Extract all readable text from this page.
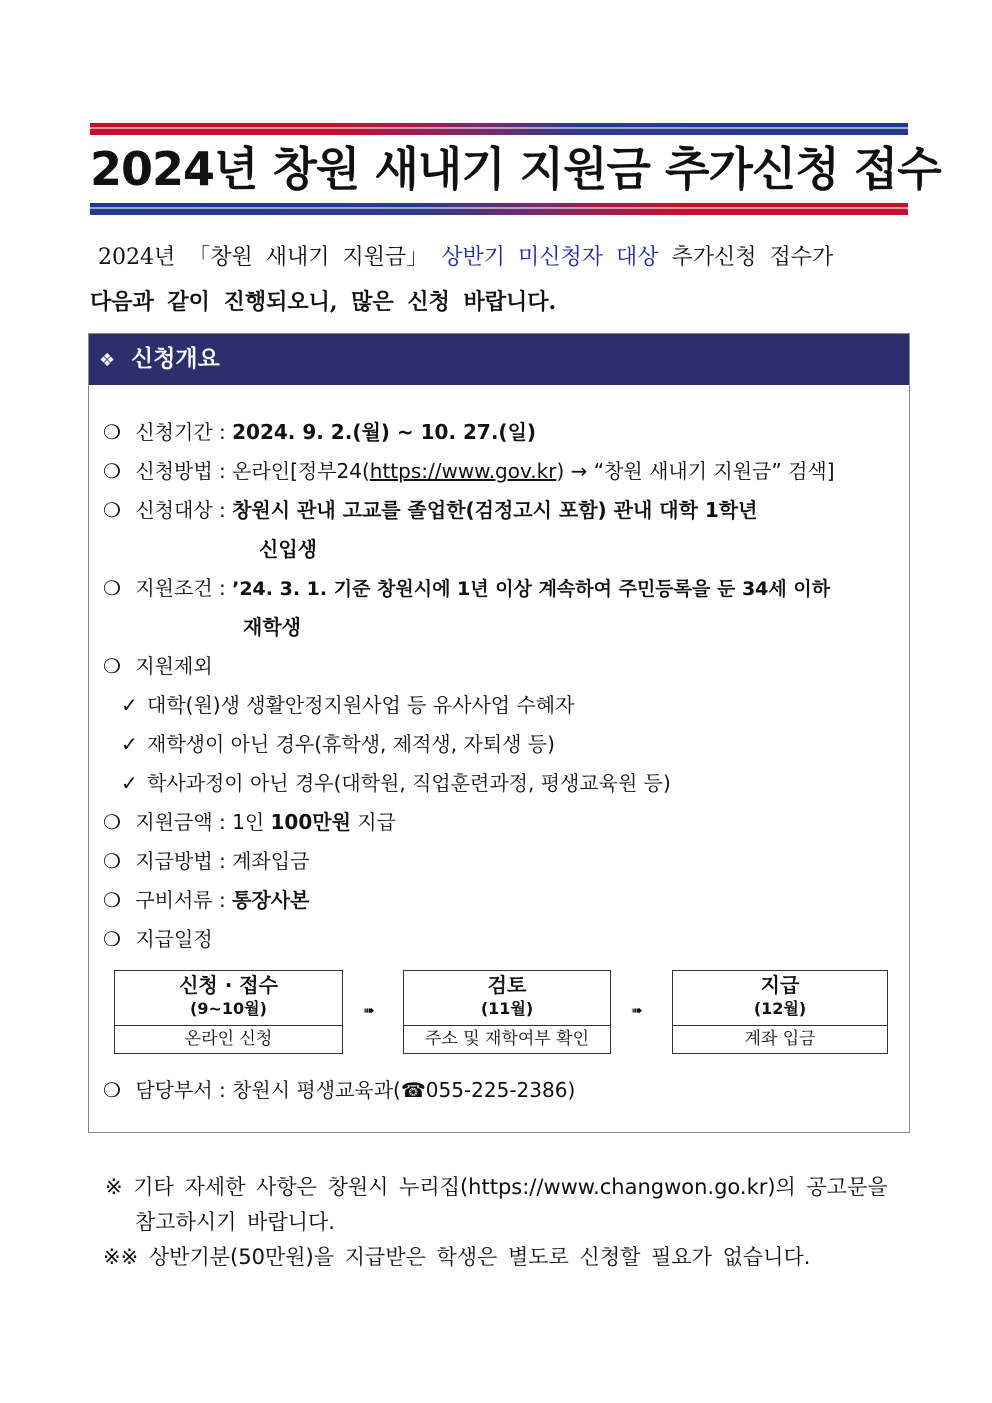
2024년 창원 새내기 지원금 추가신청 접수
2024년 「창원 새내기 지원금」 상반기 미신청자 대상 추가신청 접수가
다음과 같이 진행되오니, 많은 신청 바랍니다.
❖ 신청개요
❍ 신청기간 : 2024. 9. 2.(월) ~ 10. 27.(일)
❍ 신청방법 : 온라인[정부24(https://www.gov.kr) → “창원 새내기 지원금” 검색]
❍ 신청대상 : 창원시 관내 고교를 졸업한(검정고시 포함) 관내 대학 1학년
신입생
❍ 지원조건 : ’24. 3. 1. 기준 창원시에 1년 이상 계속하여 주민등록을 둔 34세 이하
재학생
❍ 지원제외
✓ 대학(원)생 생활안정지원사업 등 유사사업 수혜자
✓ 재학생이 아닌 경우(휴학생, 제적생, 자퇴생 등)
✓ 학사과정이 아닌 경우(대학원, 직업훈련과정, 평생교육원 등)
❍ 지원금액 : 1인 100만원 지급
❍ 지급방법 : 계좌입금
❍ 구비서류 : 통장사본
❍ 지급일정
신청 · 접수
(9~10월)
온라인 신청
➠
검토
(11월)
주소 및 재학여부 확인
➠
지급
(12월)
계좌 입금
❍ 담당부서 : 창원시 평생교육과(☎055-225-2386)
※ 기타 자세한 사항은 창원시 누리집(https://www.changwon.go.kr)의 공고문을
참고하시기 바랍니다.
※※ 상반기분(50만원)을 지급받은 학생은 별도로 신청할 필요가 없습니다.
